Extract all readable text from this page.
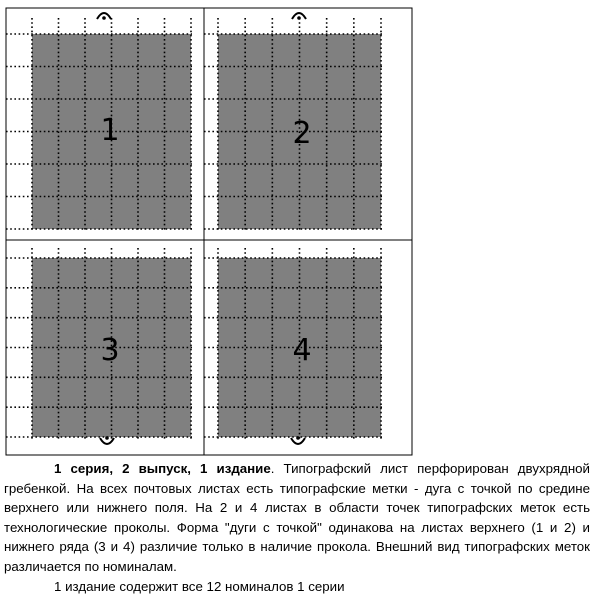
1	2
3	4

1 серия, 2 выпуск, 1 издание. Типографский лист перфорирован двухрядной гребенкой. На всех почтовых листах есть типографские метки - дуга с точкой по средине верхнего или нижнего поля. На 2 и 4 листах в области точек типографских меток есть технологические проколы. Форма "дуги с точкой" одинакова на листах верхнего (1 и 2) и нижнего ряда (3 и 4) различие только в наличие прокола. Внешний вид типографских меток различается по номиналам.

1 издание содержит все 12 номиналов 1 серии
